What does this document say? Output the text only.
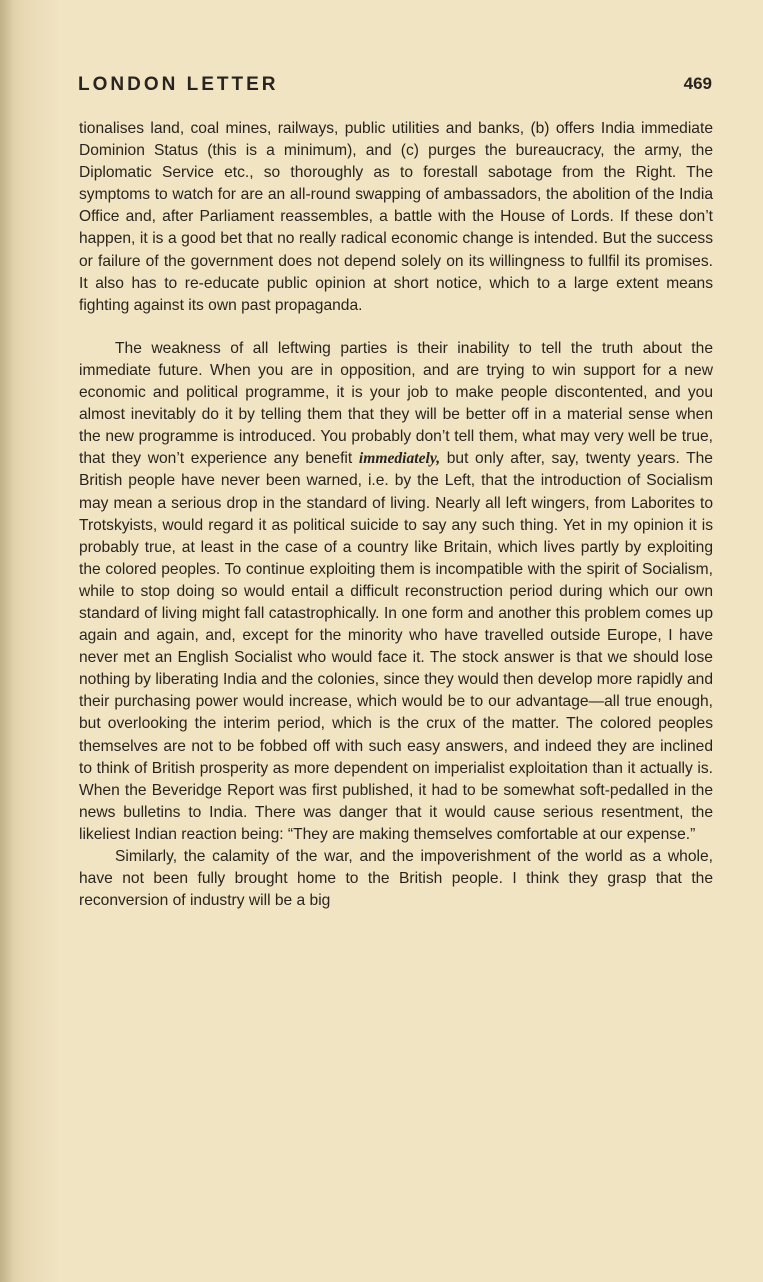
LONDON LETTER	469

tionalises land, coal mines, railways, public utilities and banks, (b) offers India immediate Dominion Status (this is a minimum), and (c) purges the bureaucracy, the army, the Diplomatic Service etc., so thoroughly as to forestall sabotage from the Right. The symptoms to watch for are an all-round swapping of ambassadors, the abolition of the India Office and, after Parliament reassembles, a battle with the House of Lords. If these don’t happen, it is a good bet that no really radical economic change is intended. But the success or failure of the government does not depend solely on its willingness to fullfil its promises. It also has to re-educate public opinion at short notice, which to a large extent means fighting against its own past propaganda.

The weakness of all leftwing parties is their inability to tell the truth about the immediate future. When you are in opposition, and are trying to win support for a new economic and political programme, it is your job to make people discontented, and you almost inevitably do it by telling them that they will be better off in a material sense when the new programme is introduced. You probably don’t tell them, what may very well be true, that they won’t experience any benefit immediately, but only after, say, twenty years. The British people have never been warned, i.e. by the Left, that the introduction of Socialism may mean a serious drop in the standard of living. Nearly all left wingers, from Laborites to Trotskyists, would regard it as political suicide to say any such thing. Yet in my opinion it is probably true, at least in the case of a country like Britain, which lives partly by exploiting the colored peoples. To continue exploiting them is incompatible with the spirit of Socialism, while to stop doing so would entail a difficult reconstruction period during which our own standard of living might fall catastrophically. In one form and another this problem comes up again and again, and, except for the minority who have travelled outside Europe, I have never met an English Socialist who would face it. The stock answer is that we should lose nothing by liberating India and the colonies, since they would then develop more rapidly and their purchasing power would increase, which would be to our advantage—all true enough, but overlooking the interim period, which is the crux of the matter. The colored peoples themselves are not to be fobbed off with such easy answers, and indeed they are inclined to think of British prosperity as more dependent on imperialist exploitation than it actually is. When the Beveridge Report was first published, it had to be somewhat soft-pedalled in the news bulletins to India. There was danger that it would cause serious resentment, the likeliest Indian reaction being: “They are making themselves comfortable at our expense.”

Similarly, the calamity of the war, and the impoverishment of the world as a whole, have not been fully brought home to the British people. I think they grasp that the reconversion of industry will be a big
